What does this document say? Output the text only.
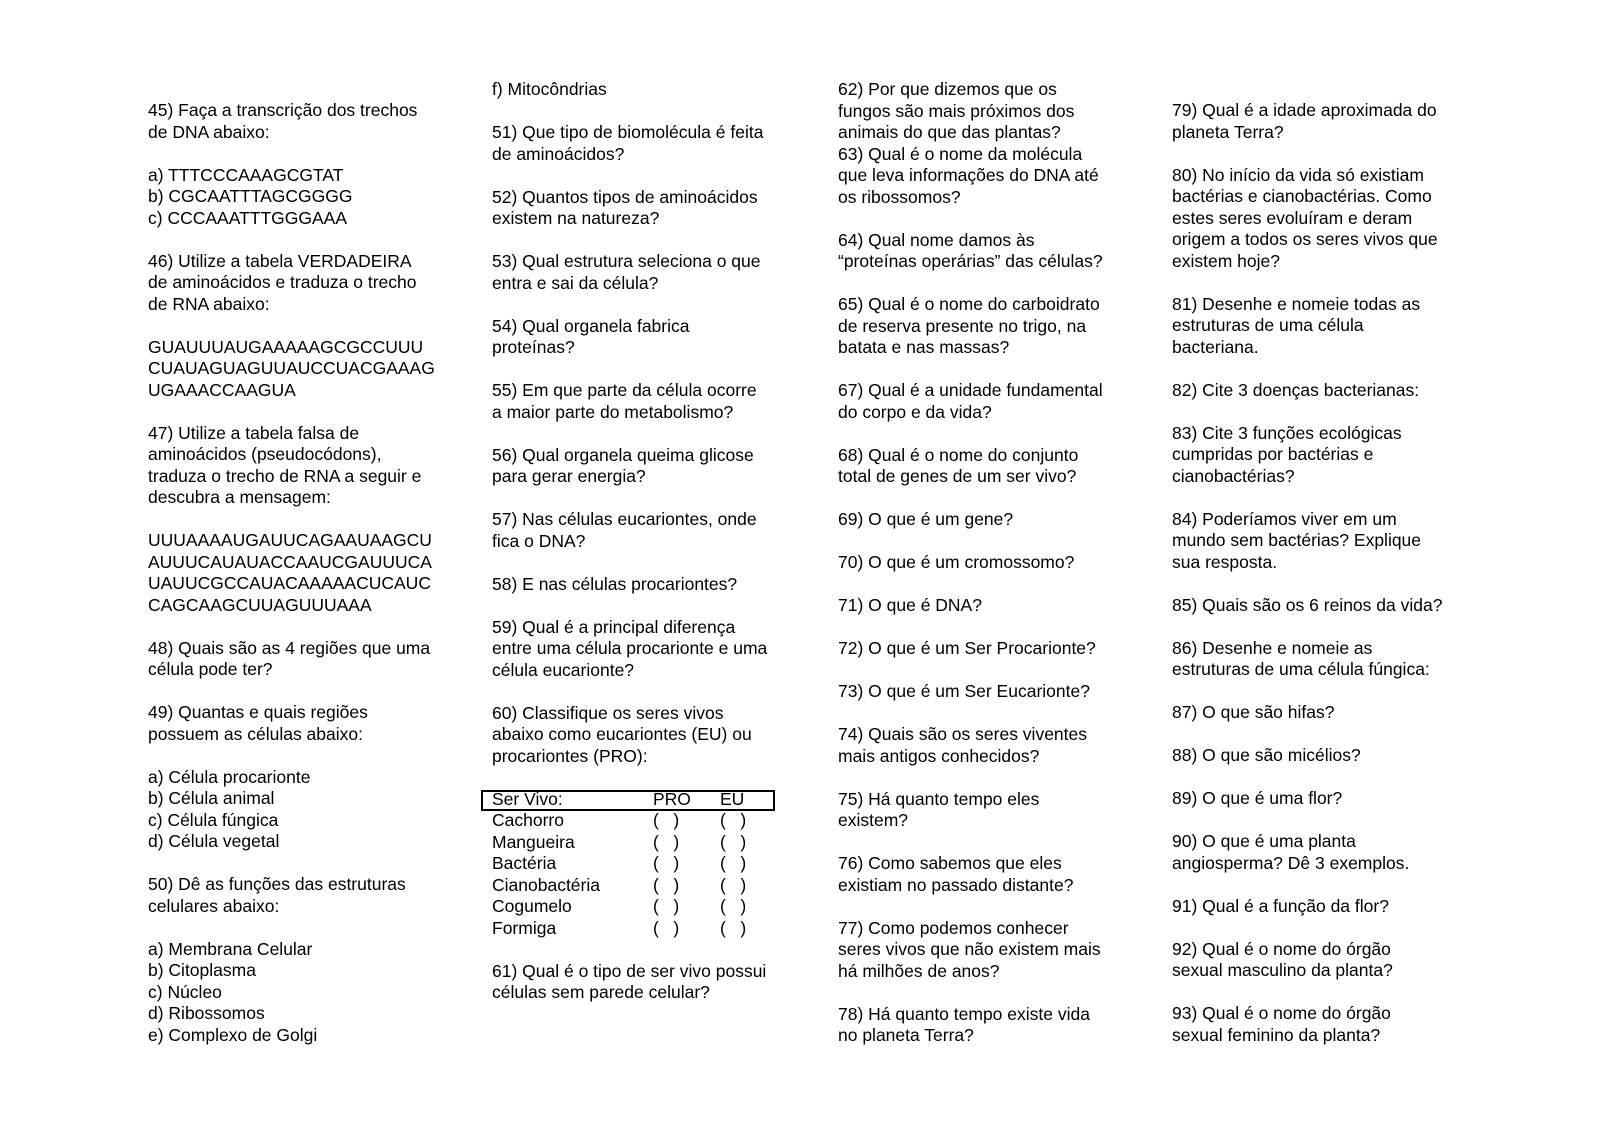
45) Faça a transcrição dos trechos
de DNA abaixo:
a) TTTCCCAAAGCGTAT
b) CGCAATTTAGCGGGG
c) CCCAAATTTGGGAAA
46) Utilize a tabela VERDADEIRA
de aminoácidos e traduza o trecho
de RNA abaixo:
GUAUUUAUGAAAAAGCGCCUUU
CUAUAGUAGUUAUCCUACGAAAG
UGAAACCAAGUA
47) Utilize a tabela falsa de
aminoácidos (pseudocódons),
traduza o trecho de RNA a seguir e
descubra a mensagem:
UUUAAAAUGAUUCAGAAUAAGCU
AUUUCAUAUACCAAUCGAUUUCA
UAUUCGCCAUACAAAAACUCAUC
CAGCAAGCUUAGUUUAAA
48) Quais são as 4 regiões que uma
célula pode ter?
49) Quantas e quais regiões
possuem as células abaixo:
a) Célula procarionte
b) Célula animal
c) Célula fúngica
d) Célula vegetal
50) Dê as funções das estruturas
celulares abaixo:
a) Membrana Celular
b) Citoplasma
c) Núcleo
d) Ribossomos
e) Complexo de Golgi
f) Mitocôndrias
51) Que tipo de biomolécula é feita
de aminoácidos?
52) Quantos tipos de aminoácidos
existem na natureza?
53) Qual estrutura seleciona o que
entra e sai da célula?
54) Qual organela fabrica
proteínas?
55) Em que parte da célula ocorre
a maior parte do metabolismo?
56) Qual organela queima glicose
para gerar energia?
57) Nas células eucariontes, onde
fica o DNA?
58) E nas células procariontes?
59) Qual é a principal diferença
entre uma célula procarionte e uma
célula eucarionte?
60) Classifique os seres vivos
abaixo como eucariontes (EU) ou
procariontes (PRO):
Ser Vivo:	PRO EU
Cachorro	(   ) (   )
Mangueira	(   ) (   )
Bactéria	(   ) (   )
Cianobactéria	(   ) (   )
Cogumelo	(   ) (   )
Formiga	(   ) (   )
61) Qual é o tipo de ser vivo possui
células sem parede celular?
62) Por que dizemos que os
fungos são mais próximos dos
animais do que das plantas?
63) Qual é o nome da molécula
que leva informações do DNA até
os ribossomos?
64) Qual nome damos às
“proteínas operárias” das células?
65) Qual é o nome do carboidrato
de reserva presente no trigo, na
batata e nas massas?
67) Qual é a unidade fundamental
do corpo e da vida?
68) Qual é o nome do conjunto
total de genes de um ser vivo?
69) O que é um gene?
70) O que é um cromossomo?
71) O que é DNA?
72) O que é um Ser Procarionte?
73) O que é um Ser Eucarionte?
74) Quais são os seres viventes
mais antigos conhecidos?
75) Há quanto tempo eles
existem?
76) Como sabemos que eles
existiam no passado distante?
77) Como podemos conhecer
seres vivos que não existem mais
há milhões de anos?
78) Há quanto tempo existe vida
no planeta Terra?
79) Qual é a idade aproximada do
planeta Terra?
80) No início da vida só existiam
bactérias e cianobactérias. Como
estes seres evoluíram e deram
origem a todos os seres vivos que
existem hoje?
81) Desenhe e nomeie todas as
estruturas de uma célula
bacteriana.
82) Cite 3 doenças bacterianas:
83) Cite 3 funções ecológicas
cumpridas por bactérias e
cianobactérias?
84) Poderíamos viver em um
mundo sem bactérias? Explique
sua resposta.
85) Quais são os 6 reinos da vida?
86) Desenhe e nomeie as
estruturas de uma célula fúngica:
87) O que são hifas?
88) O que são micélios?
89) O que é uma flor?
90) O que é uma planta
angiosperma? Dê 3 exemplos.
91) Qual é a função da flor?
92) Qual é o nome do órgão
sexual masculino da planta?
93) Qual é o nome do órgão
sexual feminino da planta?
